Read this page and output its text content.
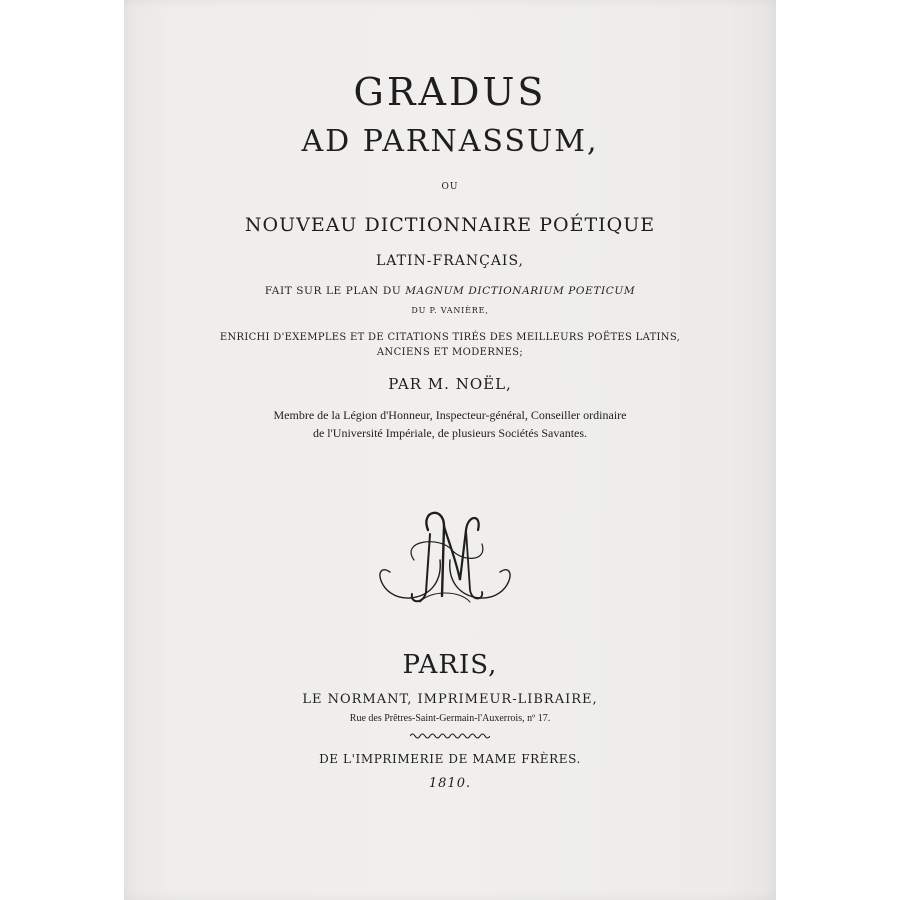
GRADUS
AD PARNASSUM,
OU
NOUVEAU DICTIONNAIRE POÉTIQUE
LATIN-FRANÇAIS,
FAIT SUR LE PLAN DU MAGNUM DICTIONARIUM POETICUM
DU P. VANIÈRE,
ENRICHI D'EXEMPLES ET DE CITATIONS TIRÉS DES MEILLEURS POËTES LATINS,
ANCIENS ET MODERNES;
PAR M. NOËL,
Membre de la Légion d'Honneur, Inspecteur-général, Conseiller ordinaire
de l'Université Impériale, de plusieurs Sociétés Savantes.
PARIS,
LE NORMANT, IMPRIMEUR-LIBRAIRE,
Rue des Prêtres-Saint-Germain-l'Auxerrois, nº 17.
DE L'IMPRIMERIE DE MAME FRÈRES.
1810.
